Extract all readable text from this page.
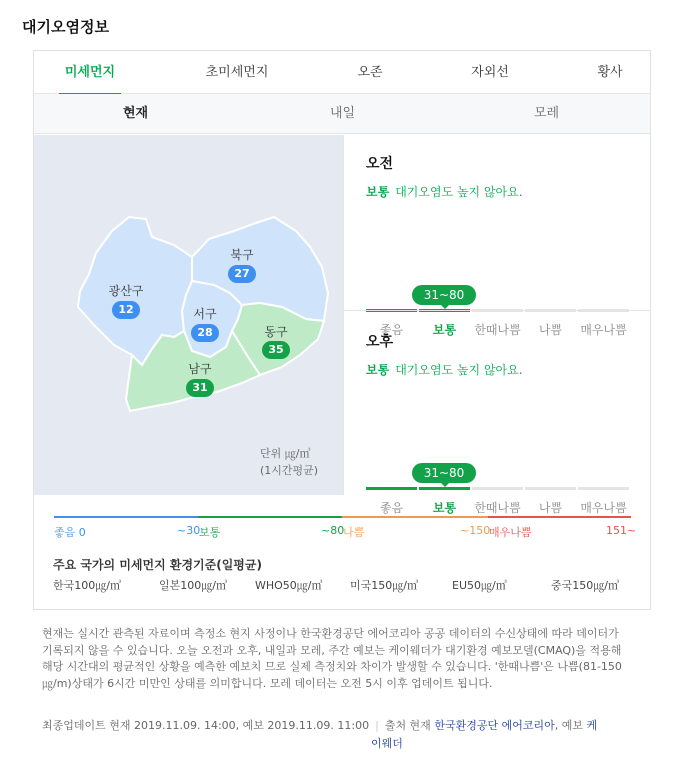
대기오염정보
미세먼지	초미세먼지	오존	자외선	황사
현재	내일	모레
광산구
12
북구
27
서구
28	동구
35
남구
31
단위 ㎍/㎥
(1시간평균)
오전
보통 대기오염도 높지 않아요.
31~80
좋음	보통	한때나쁨	나쁨	매우나쁨
오후
보통 대기오염도 높지 않아요.
31~80
좋음	보통	한때나쁨	나쁨	매우나쁨
좋음 0	~30
보통	~80
나쁨	~150
매우나쁨	151~
주요 국가의 미세먼지 환경기준(일평균)
한국100㎍/㎥	일본100㎍/㎥	WHO50㎍/㎥ 미국150㎍/㎥	EU50㎍/㎥	중국150㎍/㎥
현재는 실시간 관측된 자료이며 측정소 현지 사정이나 한국환경공단 에어코리아 공공 데이터의 수신상태에 따라 데이터가 기록되지 않을 수 있습니다. 오늘 오전과 오후, 내일과 모레, 주간 예보는 케이웨더가 대기환경 예보모델(CMAQ)을 적용해 해당 시간대의 평균적인 상황을 예측한 예보치 므로 실제 측정치와 차이가 발생할 수 있습니다. '한때나쁨'은 나쁨(81-150㎍/m)상태가 6시간 미만인 상태를 의미합니다. 모레 데이터는 오전 5시 이후 업데이트 됩니다.
최종업데이트 현재 2019.11.09. 14:00, 예보 2019.11.09. 11:00 | 출처 현재 한국환경공단 에어코리아, 예보 케
이웨더
